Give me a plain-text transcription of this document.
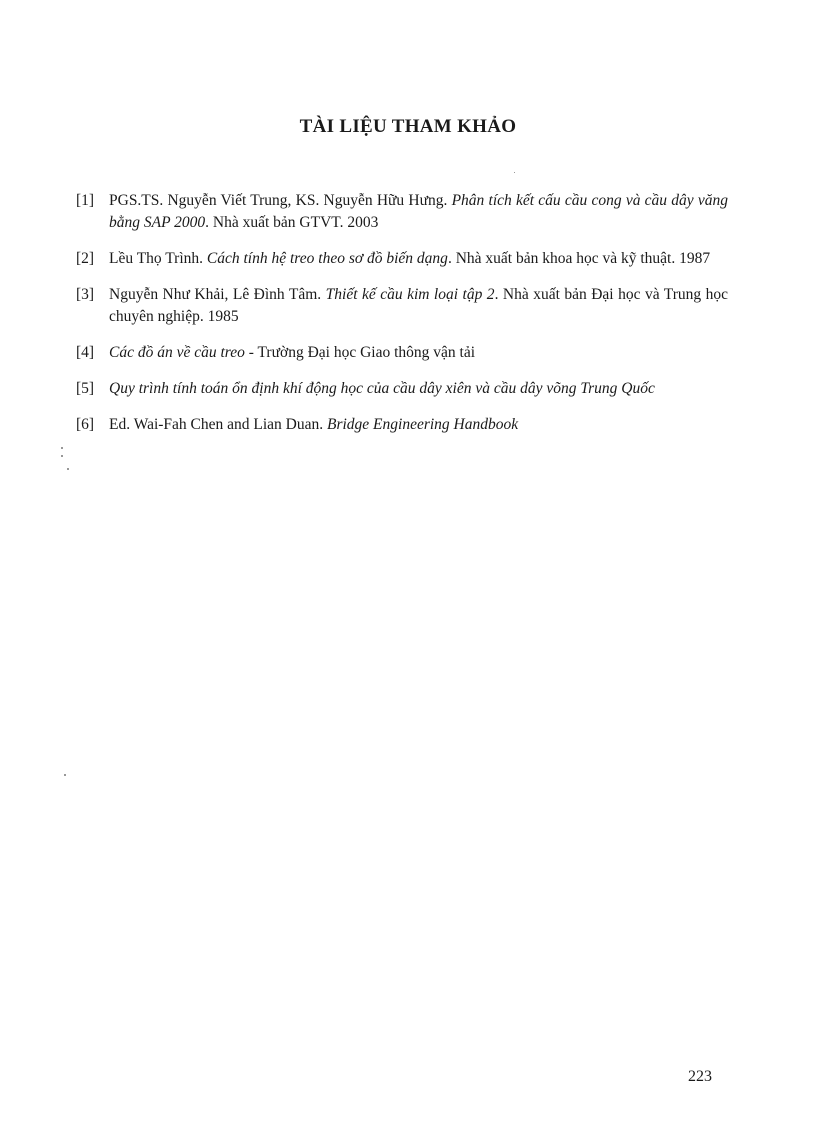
TÀI LIỆU THAM KHẢO
[1] PGS.TS. Nguyễn Viết Trung, KS. Nguyễn Hữu Hưng. Phân tích kết cấu cầu cong và cầu dây văng bằng SAP 2000. Nhà xuất bản GTVT. 2003
[2] Lều Thọ Trình. Cách tính hệ treo theo sơ đồ biến dạng. Nhà xuất bản khoa học và kỹ thuật. 1987
[3] Nguyễn Như Khải, Lê Đình Tâm. Thiết kế cầu kim loại tập 2. Nhà xuất bản Đại học và Trung học chuyên nghiệp. 1985
[4] Các đồ án về cầu treo - Trường Đại học Giao thông vận tải
[5] Quy trình tính toán ổn định khí động học của cầu dây xiên và cầu dây võng Trung Quốc
[6] Ed. Wai-Fah Chen and Lian Duan. Bridge Engineering Handbook
223
